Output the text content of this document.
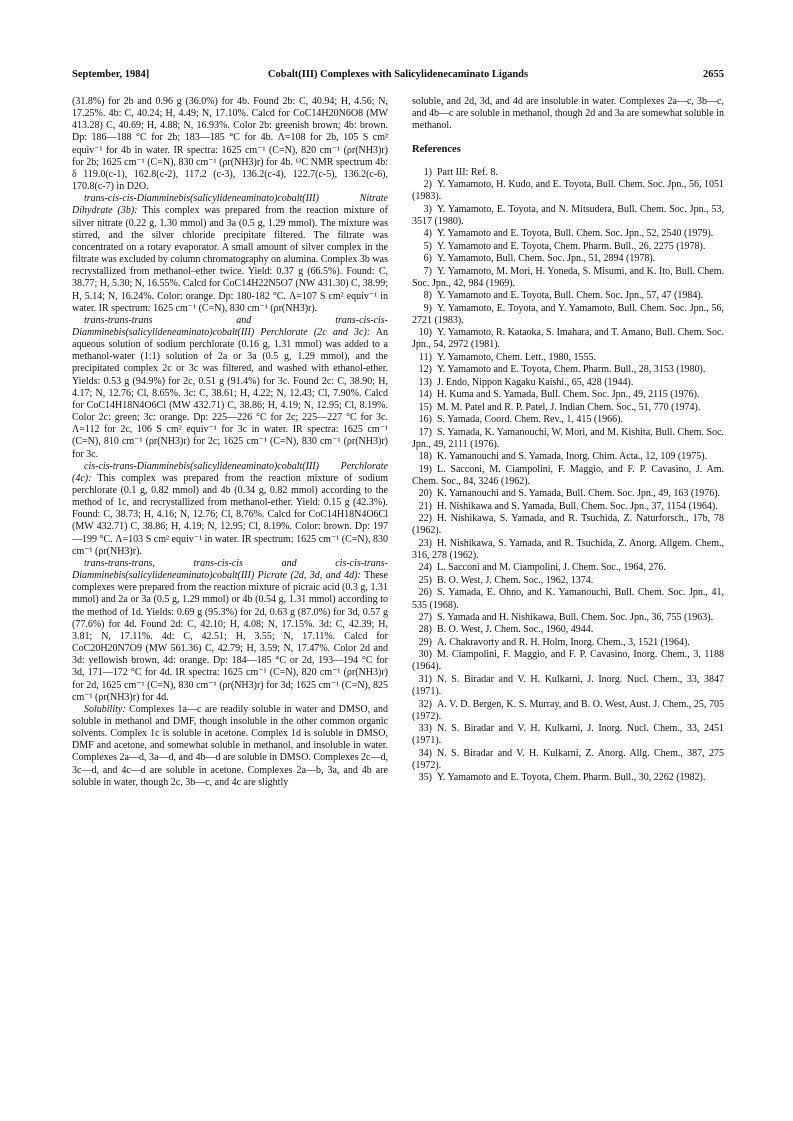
September, 1984]	Cobalt(III) Complexes with Salicylidenecaminato Ligands	2655

(31.8%) for 2b and 0.96 g (36.0%) for 4b. Found 2b: C, 40.94; H, 4.56; N, 17.25%. 4b: C, 40.24; H, 4.49; N, 17.10%. Calcd for CoC14H20N6O8 (MW 413.28) C, 40.69; H, 4.88; N, 16.93%. Color 2b: greenish brown; 4b: brown. Dp: 186—188 °C for 2b; 183—185 °C for 4b. Λ=108 for 2b, 105 S cm² equiv⁻¹ for 4b in water. IR spectra: 1625 cm⁻¹ (C=N), 820 cm⁻¹ (ρr(NH3)r) for 2b; 1625 cm⁻¹ (C=N), 830 cm⁻¹ (ρr(NH3)r) for 4b. ¹³C NMR spectrum 4b: δ 119.0(c-1), 162.8(c-2), 117.2 (c-3), 136.2(c-4), 122.7(c-5), 136.2(c-6), 170.8(c-7) in D2O.

trans-cis-cis-Diamminebis(salicylideneaminato)cobalt(III) Nitrate Dihydrate (3b): This complex was prepared from the reaction mixture of silver nitrate (0.22 g, 1.30 mmol) and 3a (0.5 g, 1.29 mmol). The mixture was stirred, and the silver chloride precipitate filtered. The filtrate was concentrated on a rotary evaporator. A small amount of silver complex in the filtrate was excluded by column chromatography on alumina. Complex 3b was recrystallized from methanol–ether twice. Yield: 0.37 g (66.5%). Found: C, 38.77; H, 5.30; N, 16.55%. Calcd for CoC14H22N5O7 (NW 431.30) C, 38.99; H, 5.14; N, 16.24%. Color: orange. Dp: 180-182 °C. Λ=107 S cm² equiv⁻¹ in water. IR spectrum: 1625 cm⁻¹ (C=N), 830 cm⁻¹ (ρr(NH3)r).

trans-trans-trans and trans-cis-cis-Diamminebis(salicylideneaminato)cobalt(III) Perchlorate (2c and 3c): An aqueous solution of sodium perchlorate (0.16 g, 1.31 mmol) was added to a methanol-water (1:1) solution of 2a or 3a (0.5 g, 1.29 mmol), and the precipitated complex 2c or 3c was filtered, and washed with ethanol-ether. Yields: 0.53 g (94.9%) for 2c, 0.51 g (91.4%) for 3c. Found 2c: C, 38.90; H, 4.17; N, 12.76; Cl, 8.65%. 3c: C, 38.61; H, 4.22; N, 12.43; Cl, 7.90%. Calcd for CoC14H18N4O6Cl (MW 432.71) C, 38.86; H, 4.19; N, 12.95; Cl, 8.19%. Color 2c: green; 3c: orange. Dp: 225—226 °C for 2c; 225—227 °C for 3c. Λ=112 for 2c, 106 S cm² equiv⁻¹ for 3c in water. IR spectra: 1625 cm⁻¹ (C=N), 810 cm⁻¹ (ρr(NH3)r) for 2c; 1625 cm⁻¹ (C=N), 830 cm⁻¹ (ρr(NH3)r) for 3c.

cis-cis-trans-Diamminebis(salicylideneaminato)cobalt(III) Perchlorate (4c): This complex was prepared from the reaction mixture of sodium perchlorate (0.1 g, 0.82 mmol) and 4b (0.34 g, 0.82 mmol) according to the method of 1c, and recrystallized from methanol-ether. Yield: 0.15 g (42.3%). Found: C, 38.73; H, 4.16; N, 12.76; Cl, 8.76%. Calcd for CoC14H18N4O6Cl (MW 432.71) C, 38.86; H, 4.19; N, 12.95; Cl, 8.19%. Color: brown. Dp: 197—199 °C. Λ=103 S cm² equiv⁻¹ in water. IR spectrum: 1625 cm⁻¹ (C=N), 830 cm⁻¹ (ρr(NH3)r).

trans-trans-trans, trans-cis-cis and cis-cis-trans-Diamminebis(salicylideneaminato)cobalt(III) Picrate (2d, 3d, and 4d): These complexes were prepared from the reaction mixture of picraic acid (0.3 g, 1.31 mmol) and 2a or 3a (0.5 g, 1.29 mmol) or 4b (0.54 g, 1.31 mmol) according to the method of 1d. Yields: 0.69 g (95.3%) for 2d, 0.63 g (87.0%) for 3d, 0.57 g (77.6%) for 4d. Found 2d: C, 42.10; H, 4.08; N, 17.15%. 3d: C, 42.39; H, 3.81; N, 17.11%. 4d: C, 42.51; H, 3.55; N, 17.11%. Calcd for CoC20H20N7O9 (MW 561.36) C, 42.79; H, 3.59; N, 17.47%. Color 2d and 3d: yellowish brown, 4d: orange. Dp: 184—185 °C or 2d, 193—194 °C for 3d, 171—172 °C for 4d. IR spectra: 1625 cm⁻¹ (C=N), 820 cm⁻¹ (ρr(NH3)r) for 2d, 1625 cm⁻¹ (C=N), 830 cm⁻¹ (ρr(NH3)r) for 3d; 1625 cm⁻¹ (C=N), 825 cm⁻¹ (ρr(NH3)r) for 4d.

Solubility: Complexes 1a—c are readily soluble in water and DMSO, and soluble in methanol and DMF, though insoluble in the other common organic solvents. Complex 1c is soluble in acetone. Complex 1d is soluble in DMSO, DMF and acetone, and somewhat soluble in methanol, and insoluble in water. Complexes 2a—d, 3a—d, and 4b—d are soluble in DMSO. Complexes 2c—d, 3c—d, and 4c—d are soluble in acetone. Complexes 2a—b, 3a, and 4b are soluble in water, though 2c, 3b—c, and 4c are slightly

soluble, and 2d, 3d, and 4d are insoluble in water. Complexes 2a—c, 3b—c, and 4b—c are soluble in methanol, though 2d and 3a are somewhat soluble in methanol.

References
1) Part III: Ref. 8.
2) Y. Yamamoto, H. Kudo, and E. Toyota, Bull. Chem. Soc. Jpn., 56, 1051 (1983).
3) Y. Yamamoto, E. Toyota, and N. Mitsudera, Bull. Chem. Soc. Jpn., 53, 3517 (1980).
4) Y. Yamamoto and E. Toyota, Bull. Chem. Soc. Jpn., 52, 2540 (1979).
5) Y. Yamamoto and E. Toyota, Chem. Pharm. Bull., 26, 2275 (1978).
6) Y. Yamamoto, Bull. Chem. Soc. Jpn., 51, 2894 (1978).
7) Y. Yamamoto, M. Mori, H. Yoneda, S. Misumi, and K. Ito, Bull. Chem. Soc. Jpn., 42, 984 (1969).
8) Y. Yamamoto and E. Toyota, Bull. Chem. Soc. Jpn., 57, 47 (1984).
9) Y. Yamamoto, E. Toyota, and Y. Yamamoto, Bull. Chem. Soc. Jpn., 56, 2721 (1983).
10) Y. Yamamoto, R. Kataoka, S. Imahara, and T. Amano, Bull. Chem. Soc. Jpn., 54, 2972 (1981).
11) Y. Yamamoto, Chem. Lett., 1980, 1555.
12) Y. Yamamoto and E. Toyota, Chem. Pharm. Bull., 28, 3153 (1980).
13) J. Endo, Nippon Kagaku Kaishi., 65, 428 (1944).
14) H. Kuma and S. Yamada, Bull. Chem. Soc. Jpn., 49, 2115 (1976).
15) M. M. Patel and R. P. Patel, J. Indian Chem. Soc., 51, 770 (1974).
16) S. Yamada, Coord. Chem. Rev., 1, 415 (1966).
17) S. Yamada, K. Yamanouchi, W. Mori, and M. Kishita, Bull. Chem. Soc. Jpn., 49, 2111 (1976).
18) K. Yamanouchi and S. Yamada, Inorg. Chim. Acta., 12, 109 (1975).
19) L. Sacconi, M. Ciampolini, F. Maggio, and F. P. Cavasino, J. Am. Chem. Soc., 84, 3246 (1962).
20) K. Yamanouchi and S. Yamada, Bull. Chem. Soc. Jpn., 49, 163 (1976).
21) H. Nishikawa and S. Yamada, Bull. Chem. Soc. Jpn., 37, 1154 (1964).
22) H. Nishikawa, S. Yamada, and R. Tsuchida, Z. Naturforsch., 17b, 78 (1962).
23) H. Nishikawa, S. Yamada, and R. Tsuchida, Z. Anorg. Allgem. Chem., 316, 278 (1962).
24) L. Sacconi and M. Ciampolini, J. Chem. Soc., 1964, 276.
25) B. O. West, J. Chem. Soc., 1962, 1374.
26) S. Yamada, E. Ohno, and K. Yamanouchi, Bull. Chem. Soc. Jpn., 41, 535 (1968).
27) S. Yamada and H. Nishikawa, Bull. Chem. Soc. Jpn., 36, 755 (1963).
28) B. O. West, J. Chem. Soc., 1960, 4944.
29) A. Chakravorty and R. H. Holm, Inorg. Chem., 3, 1521 (1964).
30) M. Ciampolini, F. Maggio, and F. P. Cavasino, Inorg. Chem., 3, 1188 (1964).
31) N. S. Biradar and V. H. Kulkarni, J. Inorg. Nucl. Chem., 33, 3847 (1971).
32) A. V. D. Bergen, K. S. Murray, and B. O. West, Aust. J. Chem., 25, 705 (1972).
33) N. S. Biradar and V. H. Kulkarni, J. Inorg. Nucl. Chem., 33, 2451 (1971).
34) N. S. Biradar and V. H. Kulkarni, Z. Anorg. Allg. Chem., 387, 275 (1972).
35) Y. Yamamoto and E. Toyota, Chem. Pharm. Bull., 30, 2262 (1982).
